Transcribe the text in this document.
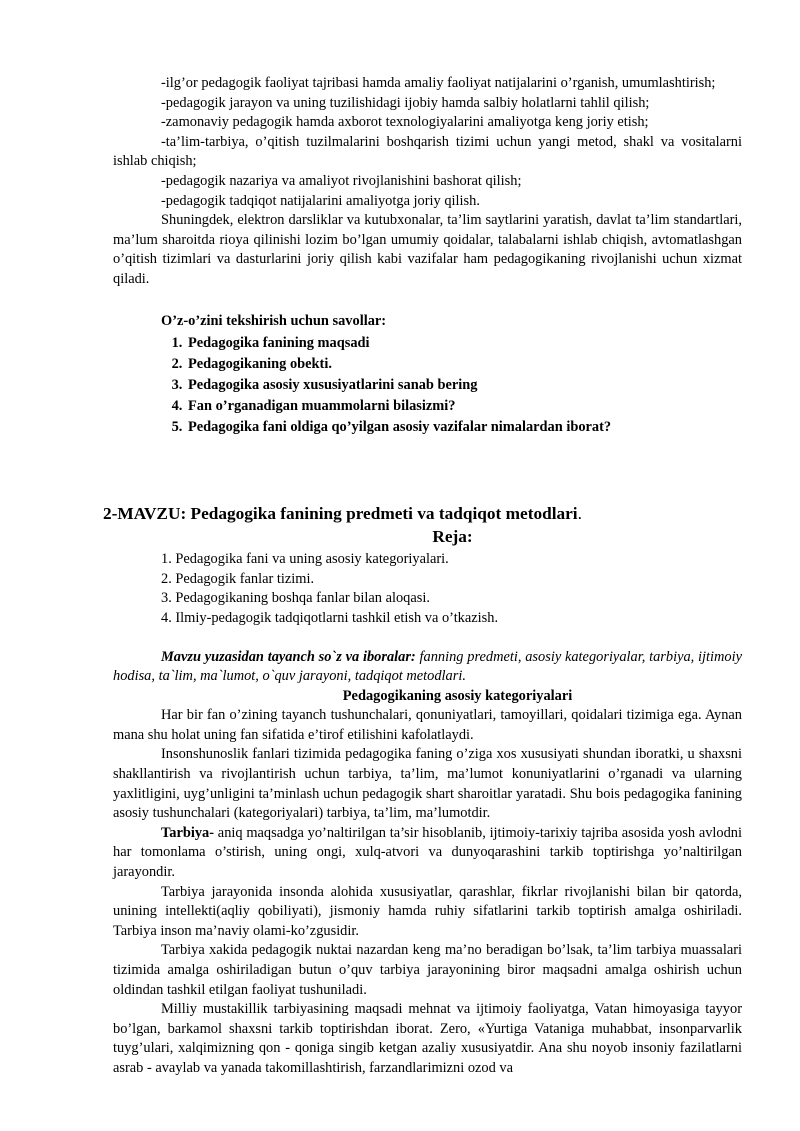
-ilg’or pedagogik faoliyat tajribasi hamda amaliy faoliyat natijalarini o’rganish, umumlashtirish;

-pedagogik jarayon va uning tuzilishidagi ijobiy hamda salbiy holatlarni tahlil qilish;

-zamonaviy pedagogik hamda axborot texnologiyalarini amaliyotga keng joriy etish;

-ta’lim-tarbiya, o’qitish tuzilmalarini boshqarish tizimi uchun yangi metod, shakl va vositalarni ishlab chiqish;

-pedagogik nazariya va amaliyot rivojlanishini bashorat qilish;

-pedagogik tadqiqot natijalarini amaliyotga joriy qilish.

Shuningdek, elektron darsliklar va kutubxonalar, ta’lim saytlarini yaratish, davlat ta’lim standartlari, ma’lum sharoitda rioya qilinishi lozim bo’lgan umumiy qoidalar, talabalarni ishlab chiqish, avtomatlashgan o’qitish tizimlari va dasturlarini joriy qilish kabi vazifalar ham pedagogikaning rivojlanishi uchun xizmat qiladi.

O’z-o’zini tekshirish uchun savollar:

1. Pedagogika fanining maqsadi
2. Pedagogikaning obekti.
3. Pedagogika asosiy xususiyatlarini sanab bering
4. Fan o’rganadigan muammolarni bilasizmi?
5. Pedagogika fani oldiga qo’yilgan asosiy vazifalar nimalardan iborat?

2-MAVZU: Pedagogika fanining predmeti va tadqiqot metodlari.

Reja:

1. Pedagogika fani va uning asosiy kategoriyalari.
2. Pedagogik fanlar tizimi.
3. Pedagogikaning boshqa fanlar bilan aloqasi.
4. Ilmiy-pedagogik tadqiqotlarni tashkil etish va o’tkazish.

Mavzu yuzasidan tayanch so`z va iboralar: fanning predmeti, asosiy kategoriyalar, tarbiya, ijtimoiy hodisa, ta`lim, ma`lumot, o`quv jarayoni, tadqiqot metodlari.

Pedagogikaning asosiy kategoriyalari

Har bir fan o’zining tayanch tushunchalari, qonuniyatlari, tamoyillari, qoidalari tizimiga ega. Aynan mana shu holat uning fan sifatida e’tirof etilishini kafolatlaydi.

Insonshunoslik fanlari tizimida pedagogika faning o’ziga xos xususiyati shundan iboratki, u shaxsni shakllantirish va rivojlantirish uchun tarbiya, ta’lim, ma’lumot konuniyatlarini o’rganadi va ularning yaxlitligini, uyg’unligini ta’minlash uchun pedagogik shart sharoitlar yaratadi. Shu bois pedagogika fanining asosiy tushunchalari (kategoriyalari) tarbiya, ta’lim, ma’lumotdir.

Tarbiya- aniq maqsadga yo’naltirilgan ta’sir hisoblanib, ijtimoiy-tarixiy tajriba asosida yosh avlodni har tomonlama o’stirish, uning ongi, xulq-atvori va dunyoqarashini tarkib toptirishga yo’naltirilgan jarayondir.

Tarbiya jarayonida insonda alohida xususiyatlar, qarashlar, fikrlar rivojlanishi bilan bir qatorda, unining intellekti(aqliy qobiliyati), jismoniy hamda ruhiy sifatlarini tarkib toptirish amalga oshiriladi. Tarbiya inson ma’naviy olami-ko’zgusidir.

Tarbiya xakida pedagogik nuktai nazardan keng ma’no beradigan bo’lsak, ta’lim tarbiya muassalari tizimida amalga oshiriladigan butun o’quv tarbiya jarayonining biror maqsadni amalga oshirish uchun oldindan tashkil etilgan faoliyat tushuniladi.

Milliy mustakillik tarbiyasining maqsadi mehnat va ijtimoiy faoliyatga, Vatan himoyasiga tayyor bo’lgan, barkamol shaxsni tarkib toptirishdan iborat. Zero, «Yurtiga Vataniga muhabbat, insonparvarlik tuyg’ulari, xalqimizning qon - qoniga singib ketgan azaliy xususiyatdir. Ana shu noyob insoniy fazilatlarni asrab - avaylab va yanada takomillashtirish, farzandlarimizni ozod va
